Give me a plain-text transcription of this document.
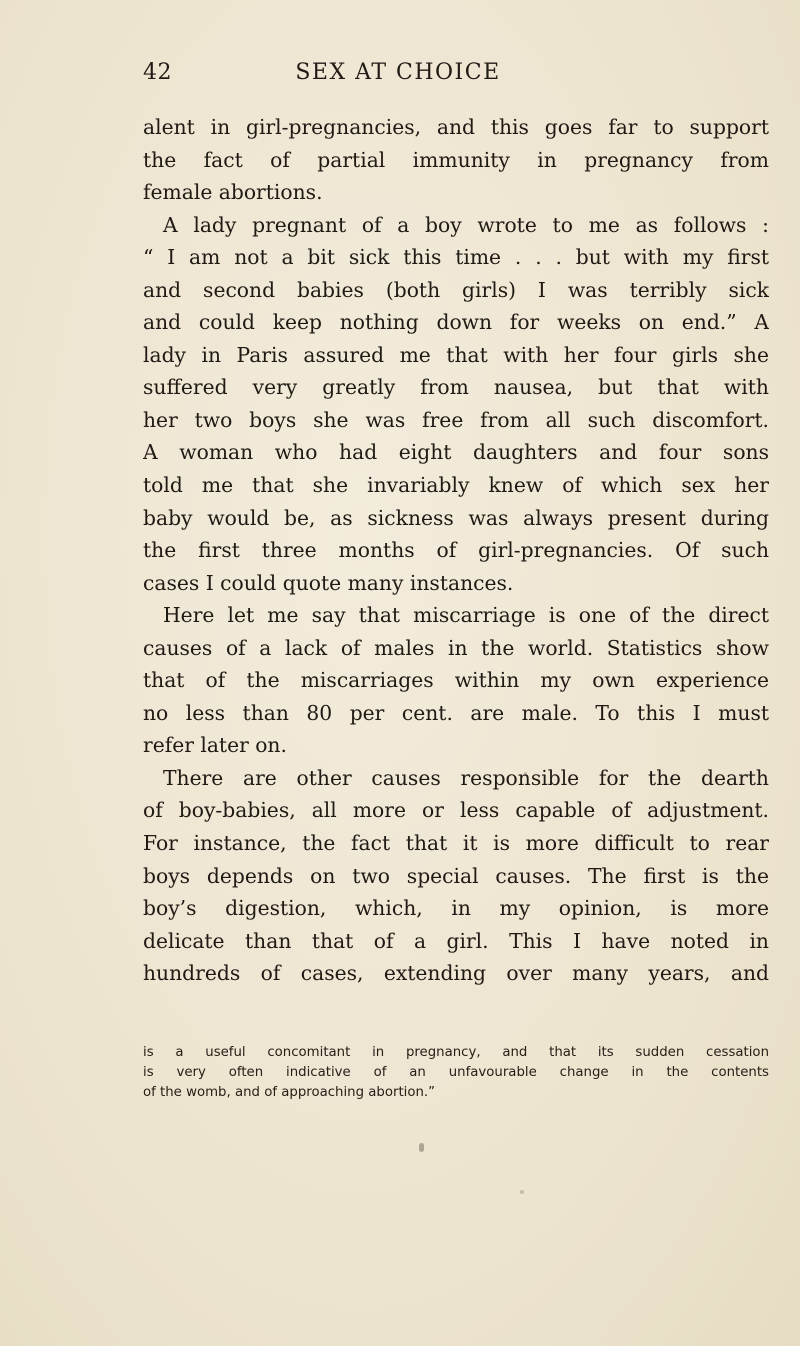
42	SEX AT CHOICE
alent in girl-pregnancies, and this goes far to support
the fact of partial immunity in pregnancy from
female abortions.
A lady pregnant of a boy wrote to me as follows :
“ I am not a bit sick this time . . . but with my first
and second babies (both girls) I was terribly sick
and could keep nothing down for weeks on end.” A
lady in Paris assured me that with her four girls she
suffered very greatly from nausea, but that with
her two boys she was free from all such discomfort.
A woman who had eight daughters and four sons
told me that she invariably knew of which sex her
baby would be, as sickness was always present during
the first three months of girl-pregnancies. Of such
cases I could quote many instances.
Here let me say that miscarriage is one of the direct
causes of a lack of males in the world. Statistics show
that of the miscarriages within my own experience
no less than 80 per cent. are male. To this I must
refer later on.
There are other causes responsible for the dearth
of boy-babies, all more or less capable of adjustment.
For instance, the fact that it is more difficult to rear
boys depends on two special causes. The first is the
boy’s digestion, which, in my opinion, is more
delicate than that of a girl. This I have noted in
hundreds of cases, extending over many years, and
is a useful concomitant in pregnancy, and that its sudden cessation
is very often indicative of an unfavourable change in the contents
of the womb, and of approaching abortion.”
